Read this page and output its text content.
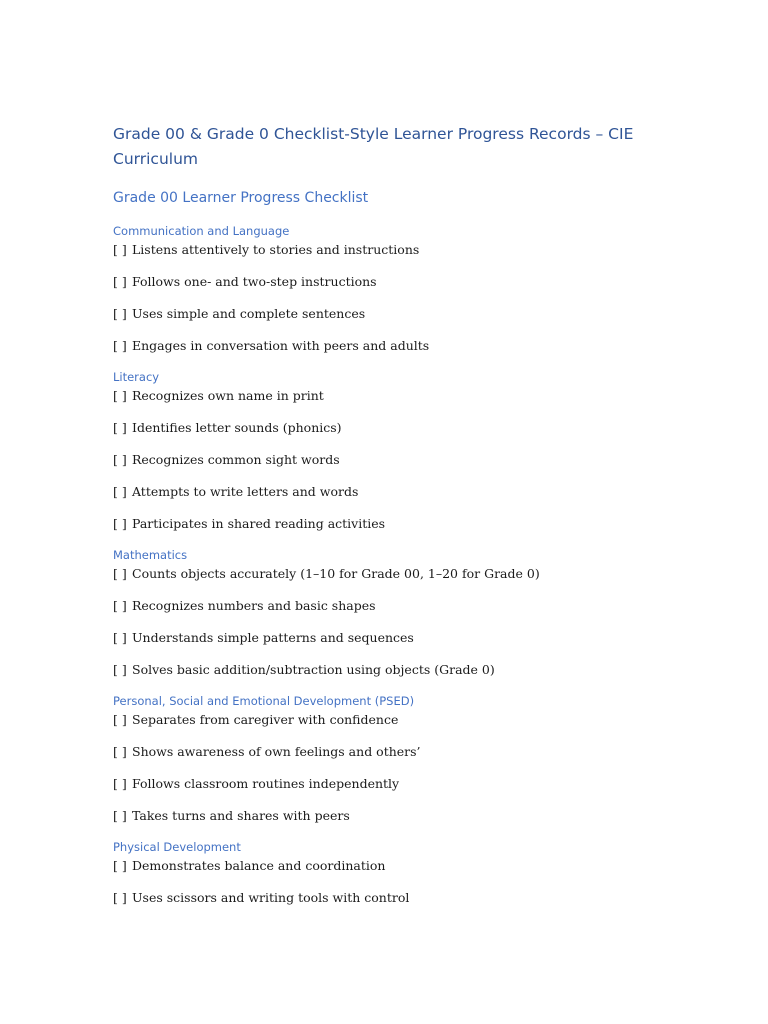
Grade 00 & Grade 0 Checklist-Style Learner Progress Records – CIE Curriculum
Grade 00 Learner Progress Checklist
Communication and Language
[ ] Listens attentively to stories and instructions
[ ] Follows one- and two-step instructions
[ ] Uses simple and complete sentences
[ ] Engages in conversation with peers and adults
Literacy
[ ] Recognizes own name in print
[ ] Identifies letter sounds (phonics)
[ ] Recognizes common sight words
[ ] Attempts to write letters and words
[ ] Participates in shared reading activities
Mathematics
[ ] Counts objects accurately (1–10 for Grade 00, 1–20 for Grade 0)
[ ] Recognizes numbers and basic shapes
[ ] Understands simple patterns and sequences
[ ] Solves basic addition/subtraction using objects (Grade 0)
Personal, Social and Emotional Development (PSED)
[ ] Separates from caregiver with confidence
[ ] Shows awareness of own feelings and others’
[ ] Follows classroom routines independently
[ ] Takes turns and shares with peers
Physical Development
[ ] Demonstrates balance and coordination
[ ] Uses scissors and writing tools with control
